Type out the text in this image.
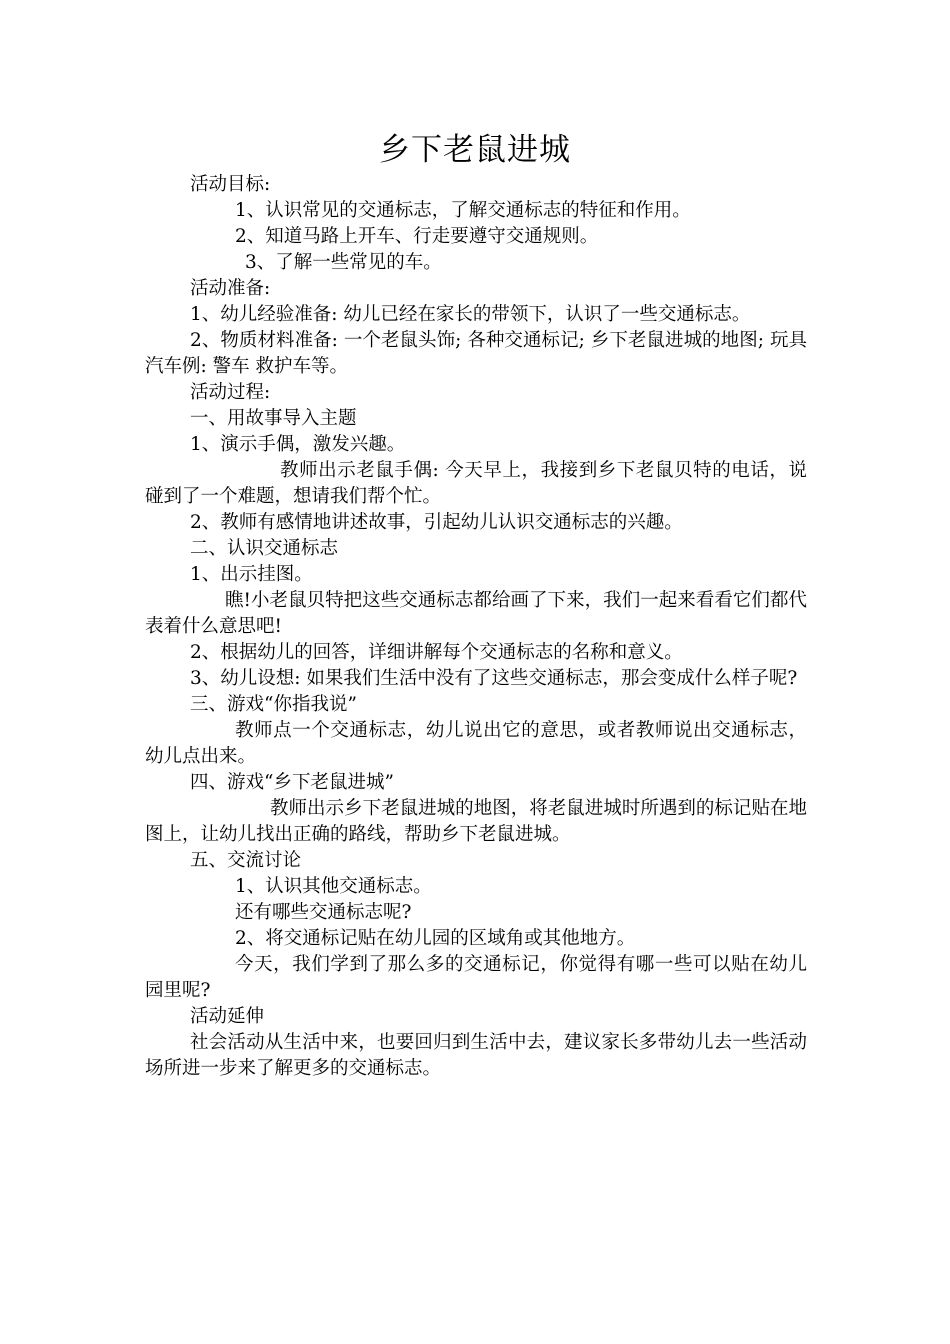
乡下老鼠进城

活动目标:

1、认识常见的交通标志，了解交通标志的特征和作用。

2、知道马路上开车、行走要遵守交通规则。

3、了解一些常见的车。

活动准备:

1、幼儿经验准备: 幼儿已经在家长的带领下，认识了一些交通标志。

2、物质材料准备: 一个老鼠头饰; 各种交通标记; 乡下老鼠进城的地图; 玩具汽车例: 警车 救护车等。

活动过程:

一、用故事导入主题

1、演示手偶，激发兴趣。

教师出示老鼠手偶: 今天早上，我接到乡下老鼠贝特的电话，说碰到了一个难题，想请我们帮个忙。

2、教师有感情地讲述故事，引起幼儿认识交通标志的兴趣。

二、认识交通标志

1、出示挂图。

瞧!小老鼠贝特把这些交通标志都给画了下来，我们一起来看看它们都代表着什么意思吧!

2、根据幼儿的回答，详细讲解每个交通标志的名称和意义。

3、幼儿设想: 如果我们生活中没有了这些交通标志，那会变成什么样子呢?

三、游戏“你指我说”

教师点一个交通标志，幼儿说出它的意思，或者教师说出交通标志，幼儿点出来。

四、游戏“乡下老鼠进城”

教师出示乡下老鼠进城的地图，将老鼠进城时所遇到的标记贴在地图上，让幼儿找出正确的路线，帮助乡下老鼠进城。

五、交流讨论

1、认识其他交通标志。

还有哪些交通标志呢?

2、将交通标记贴在幼儿园的区域角或其他地方。

今天，我们学到了那么多的交通标记，你觉得有哪一些可以贴在幼儿园里呢?

活动延伸

社会活动从生活中来，也要回归到生活中去，建议家长多带幼儿去一些活动场所进一步来了解更多的交通标志。
